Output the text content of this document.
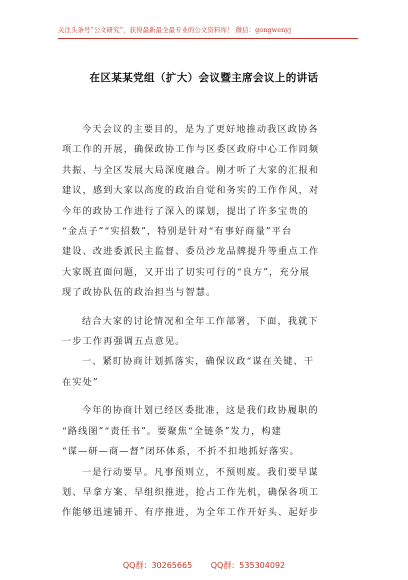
关注头条号“公文研究”，获得最新最全最专业的公文资料库！ 微信：gongwenyj
在区某某党组（扩大）会议暨主席会议上的讲话
今天会议的主要目的，是为了更好地推动我区政协各
项工作的开展，确保政协工作与区委区政府中心工作同频
共振、与全区发展大局深度融合。刚才听了大家的汇报和
建议，感到大家以高度的政治自觉和务实的工作作风，对
今年的政协工作进行了深入的谋划，提出了许多宝贵的
“金点子”“实招数”，特别是针对“有事好商量”平台
建设、改进委派民主监督、委员沙龙品牌提升等重点工作
大家既直面问题，又开出了切实可行的“良方”，充分展
现了政协队伍的政治担当与智慧。
结合大家的讨论情况和全年工作部署，下面，我就下
一步工作再强调五点意见。
一、紧盯协商计划抓落实，确保议政“谋在关键、干
在实处”
今年的协商计划已经区委批准，这是我们政协履职的
“路线图”“责任书”。要聚焦“全链条”发力，构建
“谋—研—商—督”闭环体系，不折不扣地抓好落实。
一是行动要早。凡事预则立，不预则废。我们要早谋
划、早拿方案、早组织推进，抢占工作先机，确保各项工
作能够迅速铺开、有序推进，为全年工作开好头、起好步
QQ群：30265665 QQ群：535304092
